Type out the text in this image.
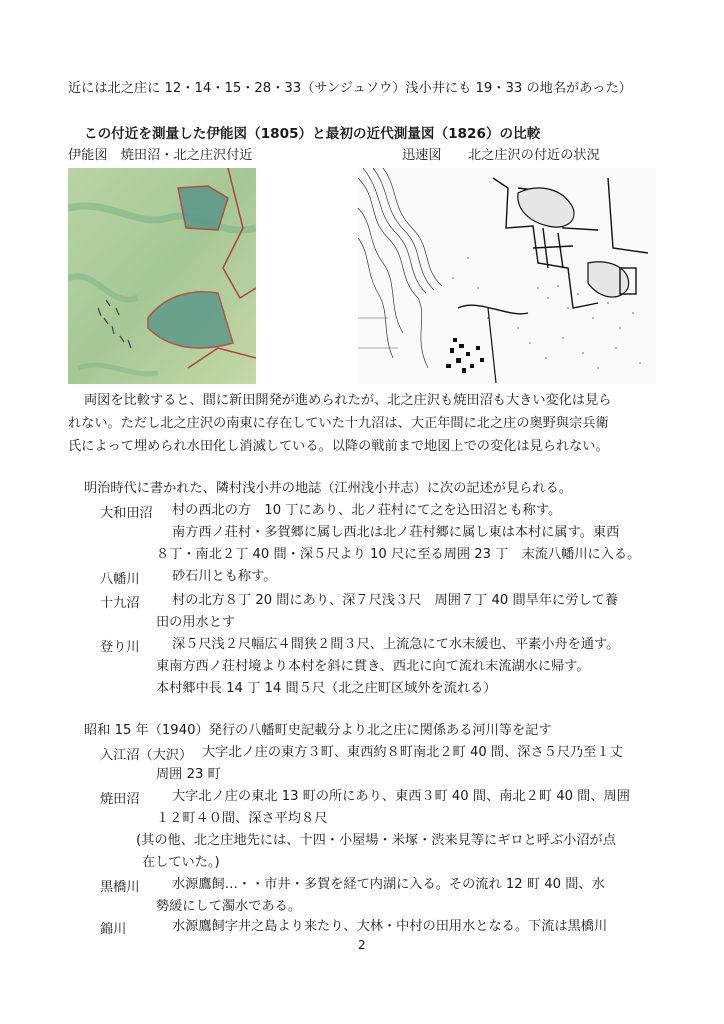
近には北之庄に 12・14・15・28・33（サンジュソウ）浅小井にも 19・33 の地名があった）
この付近を測量した伊能図（1805）と最初の近代測量図（1826）の比較
伊能図　焼田沼・北之庄沢付近	迅速図　　北之庄沢の付近の状況
両図を比較すると、間に新田開発が進められたが、北之庄沢も焼田沼も大きい変化は見ら
れない。ただし北之庄沢の南東に存在していた十九沼は、大正年間に北之庄の奥野與宗兵衛
氏によって埋められ水田化し消滅している。以降の戦前まで地図上での変化は見られない。
明治時代に書かれた、隣村浅小井の地誌（江州浅小井志）に次の記述が見られる。
大和田沼 村の西北の方　10 丁にあり、北ノ荘村にて之を込田沼とも称す。
南方西ノ荘村・多賀郷に属し西北は北ノ荘村郷に属し東は本村に属す。東西
８丁・南北２丁 40 間・深５尺より 10 尺に至る周囲 23 丁　末流八幡川に入る。
八幡川 砂石川とも称す。
十九沼 村の北方８丁 20 間にあり、深７尺浅３尺　周囲７丁 40 間旱年に労して養
田の用水とす
登り川 深５尺浅２尺幅広４間狭２間３尺、上流急にて水末緩也、平素小舟を通す。
東南方西ノ荘村境より本村を斜に貫き、西北に向て流れ末流湖水に帰す。
本村郷中長 14 丁 14 間５尺（北之庄町区域外を流れる）
昭和 15 年（1940）発行の八幡町史記載分より北之庄に関係ある河川等を記す
入江沼（大沢） 大字北ノ庄の東方３町、東西約８町南北２町 40 間、深さ５尺乃至１丈
周囲 23 町
焼田沼 大字北ノ庄の東北 13 町の所にあり、東西３町 40 間、南北２町 40 間、周囲
１２町４０間、深さ平均８尺
(其の他、北之庄地先には、十四・小屋場・米塚・渋来見等にギロと呼ぶ小沼が点
在していた。)
黒橋川 水源鷹飼…・・市井・多賀を経て内湖に入る。その流れ 12 町 40 間、水
勢緩にして濁水である。
錦川	水源鷹飼字井之島より来たり、大林・中村の田用水となる。下流は黒橋川
2
